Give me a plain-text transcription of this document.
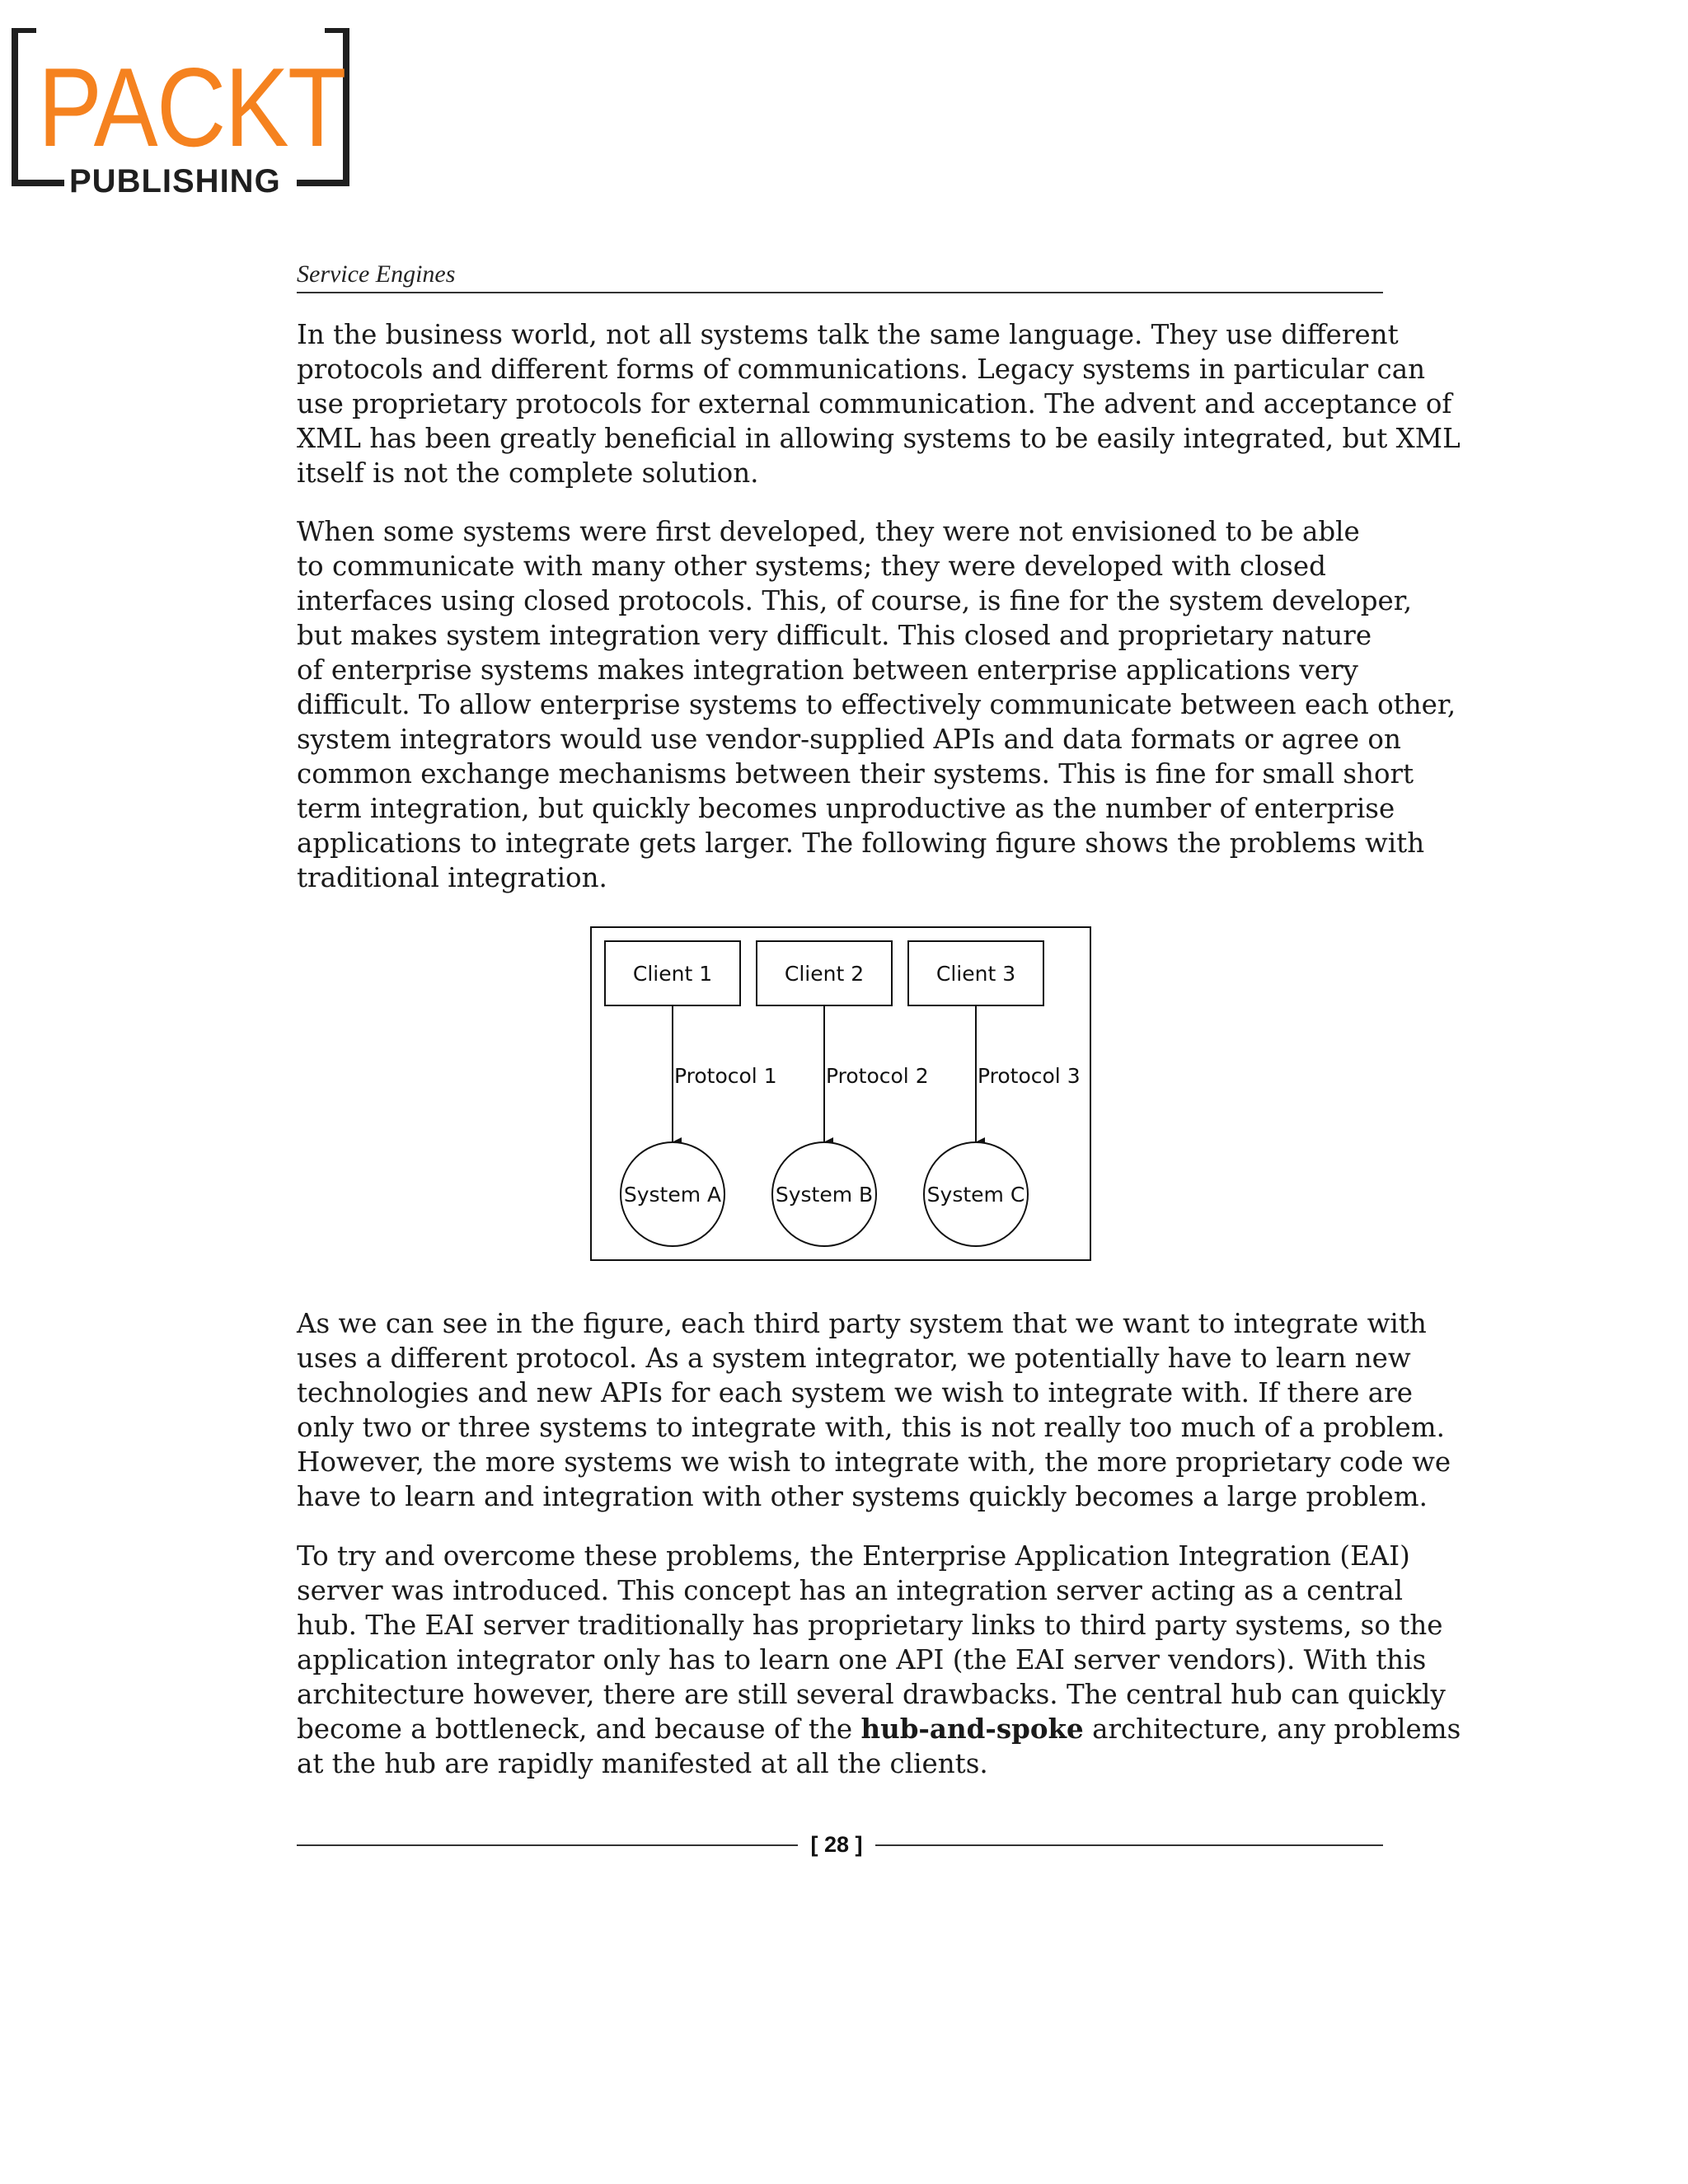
PACKT
PUBLISHING
Service Engines
In the business world, not all systems talk the same language. They use different
protocols and different forms of communications. Legacy systems in particular can
use proprietary protocols for external communication. The advent and acceptance of
XML has been greatly beneficial in allowing systems to be easily integrated, but XML
itself is not the complete solution.
When some systems were first developed, they were not envisioned to be able
to communicate with many other systems; they were developed with closed
interfaces using closed protocols. This, of course, is fine for the system developer,
but makes system integration very difficult. This closed and proprietary nature
of enterprise systems makes integration between enterprise applications very
difficult. To allow enterprise systems to effectively communicate between each other,
system integrators would use vendor-supplied APIs and data formats or agree on
common exchange mechanisms between their systems. This is fine for small short
term integration, but quickly becomes unproductive as the number of enterprise
applications to integrate gets larger. The following figure shows the problems with
traditional integration.
Client 1	Client 2	Client 3
Protocol 1 Protocol 2 Protocol 3
System A	System B	System C
As we can see in the figure, each third party system that we want to integrate with
uses a different protocol. As a system integrator, we potentially have to learn new
technologies and new APIs for each system we wish to integrate with. If there are
only two or three systems to integrate with, this is not really too much of a problem.
However, the more systems we wish to integrate with, the more proprietary code we
have to learn and integration with other systems quickly becomes a large problem.
To try and overcome these problems, the Enterprise Application Integration (EAI)
server was introduced. This concept has an integration server acting as a central
hub. The EAI server traditionally has proprietary links to third party systems, so the
application integrator only has to learn one API (the EAI server vendors). With this
architecture however, there are still several drawbacks. The central hub can quickly
become a bottleneck, and because of the hub-and-spoke architecture, any problems
at the hub are rapidly manifested at all the clients.
[ 28 ]
